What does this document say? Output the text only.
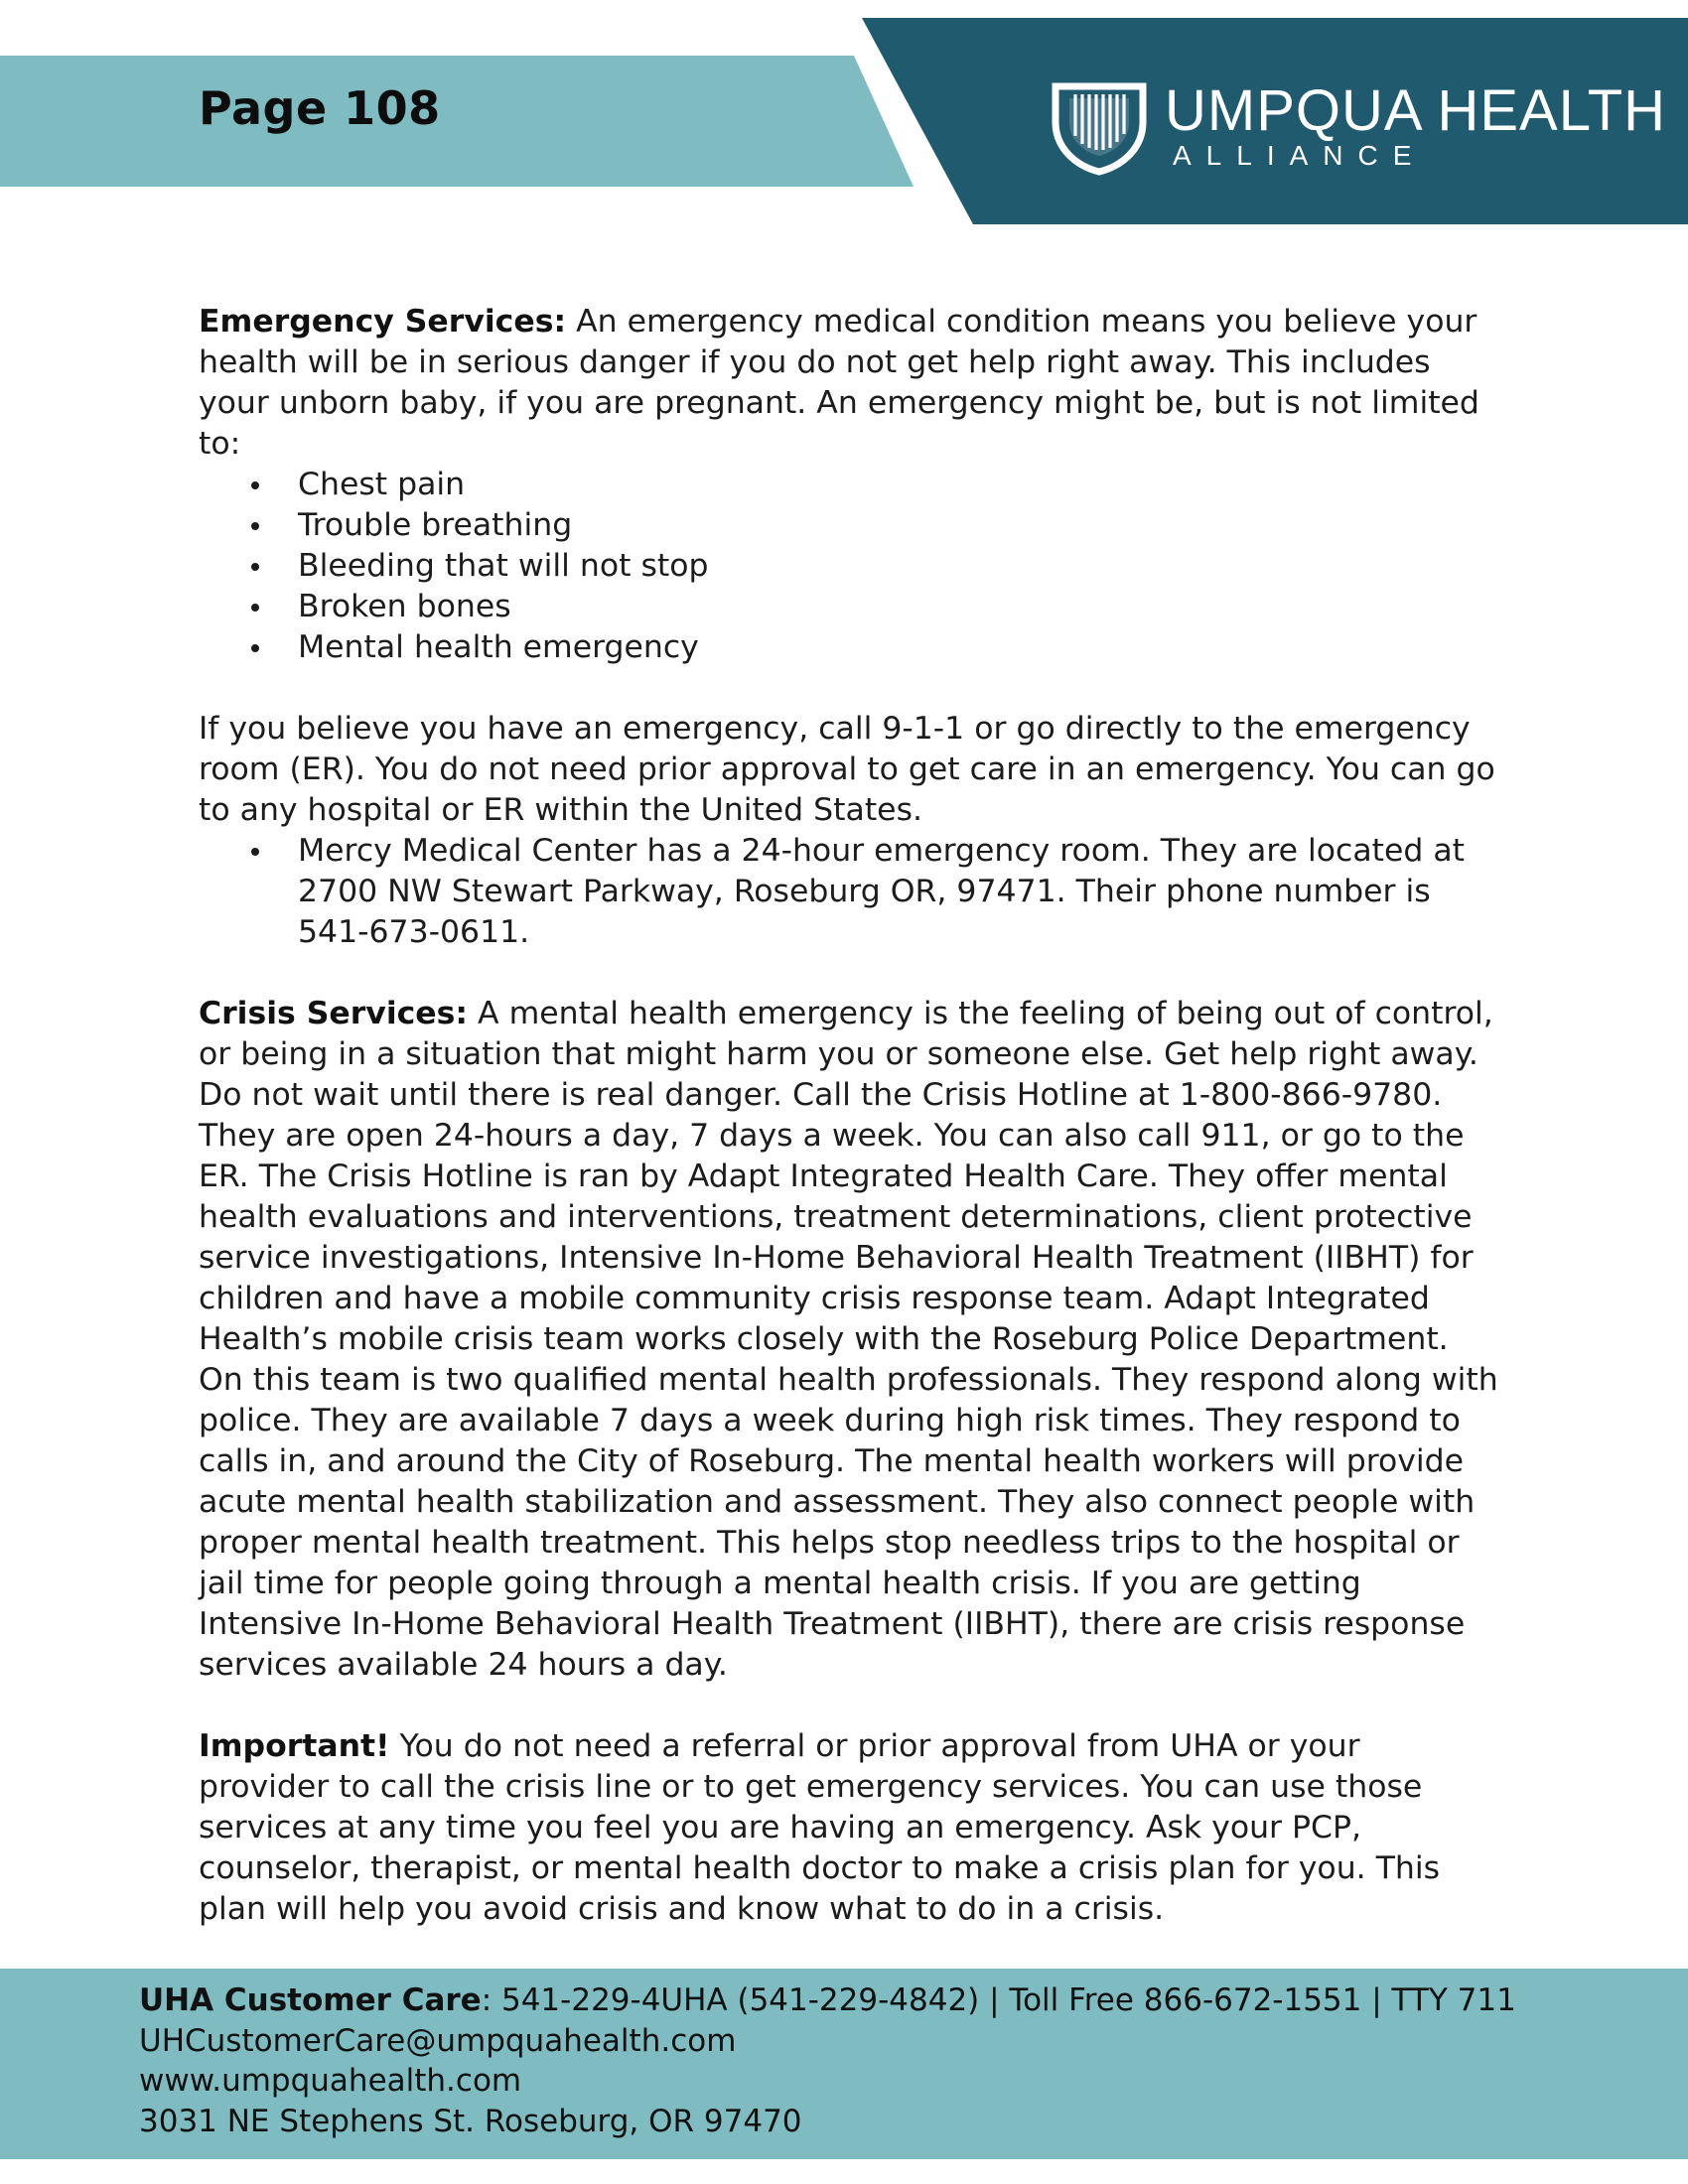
Page 108	UMPQUA HEALTH
ALLIANCE

Emergency Services: An emergency medical condition means you believe your health will be in serious danger if you do not get help right away. This includes your unborn baby, if you are pregnant. An emergency might be, but is not limited to:

Chest pain
Trouble breathing
Bleeding that will not stop
Broken bones
Mental health emergency

If you believe you have an emergency, call 9-1-1 or go directly to the emergency room (ER). You do not need prior approval to get care in an emergency. You can go to any hospital or ER within the United States.

Mercy Medical Center has a 24-hour emergency room. They are located at 2700 NW Stewart Parkway, Roseburg OR, 97471. Their phone number is 541-673-0611.

Crisis Services: A mental health emergency is the feeling of being out of control, or being in a situation that might harm you or someone else. Get help right away. Do not wait until there is real danger. Call the Crisis Hotline at 1-800-866-9780. They are open 24-hours a day, 7 days a week. You can also call 911, or go to the ER. The Crisis Hotline is ran by Adapt Integrated Health Care. They offer mental health evaluations and interventions, treatment determinations, client protective service investigations, Intensive In-Home Behavioral Health Treatment (IIBHT) for children and have a mobile community crisis response team. Adapt Integrated Health’s mobile crisis team works closely with the Roseburg Police Department. On this team is two qualified mental health professionals. They respond along with police. They are available 7 days a week during high risk times. They respond to calls in, and around the City of Roseburg. The mental health workers will provide acute mental health stabilization and assessment. They also connect people with proper mental health treatment. This helps stop needless trips to the hospital or jail time for people going through a mental health crisis. If you are getting Intensive In-Home Behavioral Health Treatment (IIBHT), there are crisis response services available 24 hours a day.

Important! You do not need a referral or prior approval from UHA or your provider to call the crisis line or to get emergency services. You can use those services at any time you feel you are having an emergency. Ask your PCP, counselor, therapist, or mental health doctor to make a crisis plan for you. This plan will help you avoid crisis and know what to do in a crisis.

UHA Customer Care: 541-229-4UHA (541-229-4842) | Toll Free 866-672-1551 | TTY 711
UHCustomerCare@umpquahealth.com
www.umpquahealth.com
3031 NE Stephens St. Roseburg, OR 97470
